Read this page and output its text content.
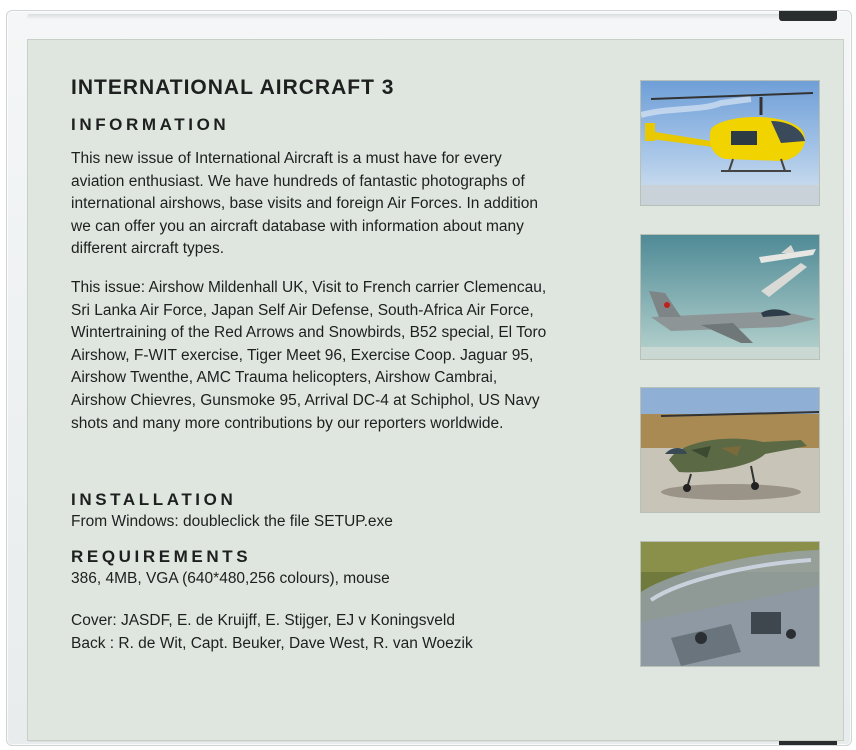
INTERNATIONAL AIRCRAFT 3
INFORMATION

This new issue of International Aircraft is a must have for every
aviation enthusiast. We have hundreds of fantastic photographs of
international airshows, base visits and foreign Air Forces. In addition
we can offer you an aircraft database with information about many
different aircraft types.

This issue: Airshow Mildenhall UK, Visit to French carrier Clemencau,
Sri Lanka Air Force, Japan Self Air Defense, South-Africa Air Force,
Wintertraining of the Red Arrows and Snowbirds, B52 special, El Toro
Airshow, F-WIT exercise, Tiger Meet 96, Exercise Coop. Jaguar 95,
Airshow Twenthe, AMC Trauma helicopters, Airshow Cambrai,
Airshow Chievres, Gunsmoke 95, Arrival DC-4 at Schiphol, US Navy
shots and many more contributions by our reporters worldwide.

INSTALLATION

From Windows: doubleclick the file SETUP.exe

REQUIREMENTS

386, 4MB, VGA (640*480,256 colours), mouse

Cover: JASDF, E. de Kruijff, E. Stijger, EJ v Koningsveld
Back : R. de Wit, Capt. Beuker, Dave West, R. van Woezik
